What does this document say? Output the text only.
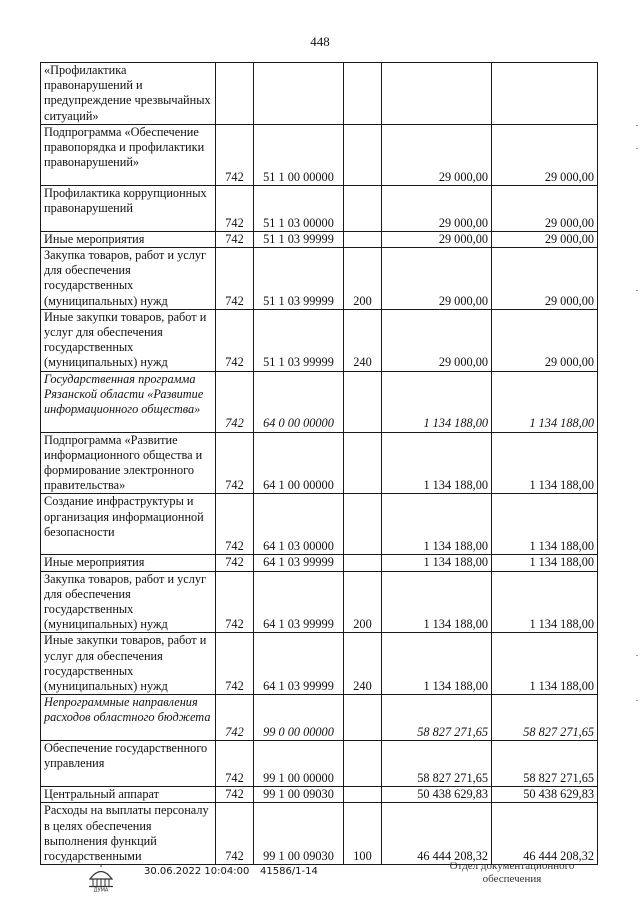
448
«Профилактика правонарушений и предупреждение чрезвычайных ситуаций»					
Подпрограмма «Обеспечение правопорядка и профилактики правонарушений»	742	51 1 00 00000		29 000,00	29 000,00
Профилактика коррупционных правонарушений	742	51 1 03 00000		29 000,00	29 000,00
Иные мероприятия	742	51 1 03 99999		29 000,00	29 000,00
Закупка товаров, работ и услуг для обеспечения государственных (муниципальных) нужд	742	51 1 03 99999	200	29 000,00	29 000,00
Иные закупки товаров, работ и услуг для обеспечения государственных (муниципальных) нужд	742	51 1 03 99999	240	29 000,00	29 000,00
Государственная программа Рязанской области «Развитие информационного общества»	742	64 0 00 00000		1 134 188,00	1 134 188,00
Подпрограмма «Развитие информационного общества и формирование электронного правительства»	742	64 1 00 00000		1 134 188,00	1 134 188,00
Создание инфраструктуры и организация информационной безопасности	742	64 1 03 00000		1 134 188,00	1 134 188,00
Иные мероприятия	742	64 1 03 99999		1 134 188,00	1 134 188,00
Закупка товаров, работ и услуг для обеспечения государственных (муниципальных) нужд	742	64 1 03 99999	200	1 134 188,00	1 134 188,00
Иные закупки товаров, работ и услуг для обеспечения государственных (муниципальных) нужд	742	64 1 03 99999	240	1 134 188,00	1 134 188,00
Непрограммные направления расходов областного бюджета	742	99 0 00 00000		58 827 271,65	58 827 271,65
Обеспечение государственного управления	742	99 1 00 00000		58 827 271,65	58 827 271,65
Центральный аппарат	742	99 1 00 09030		50 438 629,83	50 438 629,83
Расходы на выплаты персоналу в целях обеспечения выполнения функций государственными	742	99 1 00 09030	100	46 444 208,32	46 444 208,32
ДУМА
30.06.2022 10:04:00 41586/1-14	Отдел документационного
обеспечения
